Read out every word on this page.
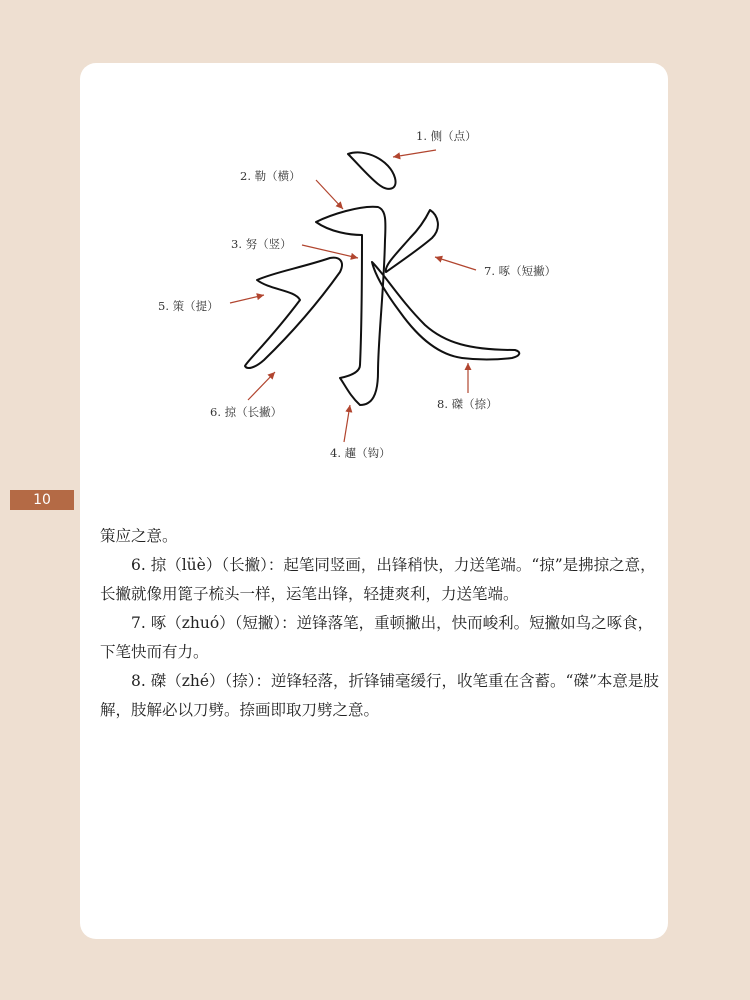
10
1. 侧（点）
2. 勒（横）
3. 努（竖）
4. 趯（钩）
5. 策（提）
6. 掠（长撇）
7. 啄（短撇）
8. 磔（捺）

策应之意。

6. 掠（lüè）（长撇）：起笔同竖画，出锋稍快，力送笔端。“掠”是拂掠之意，长撇就像用篦子梳头一样，运笔出锋，轻捷爽利，力送笔端。

7. 啄（zhuó）（短撇）：逆锋落笔，重顿撇出，快而峻利。短撇如鸟之啄食，下笔快而有力。

8. 磔（zhé）（捺）：逆锋轻落，折锋铺毫缓行，收笔重在含蓄。“磔”本意是肢解，肢解必以刀劈。捺画即取刀劈之意。
